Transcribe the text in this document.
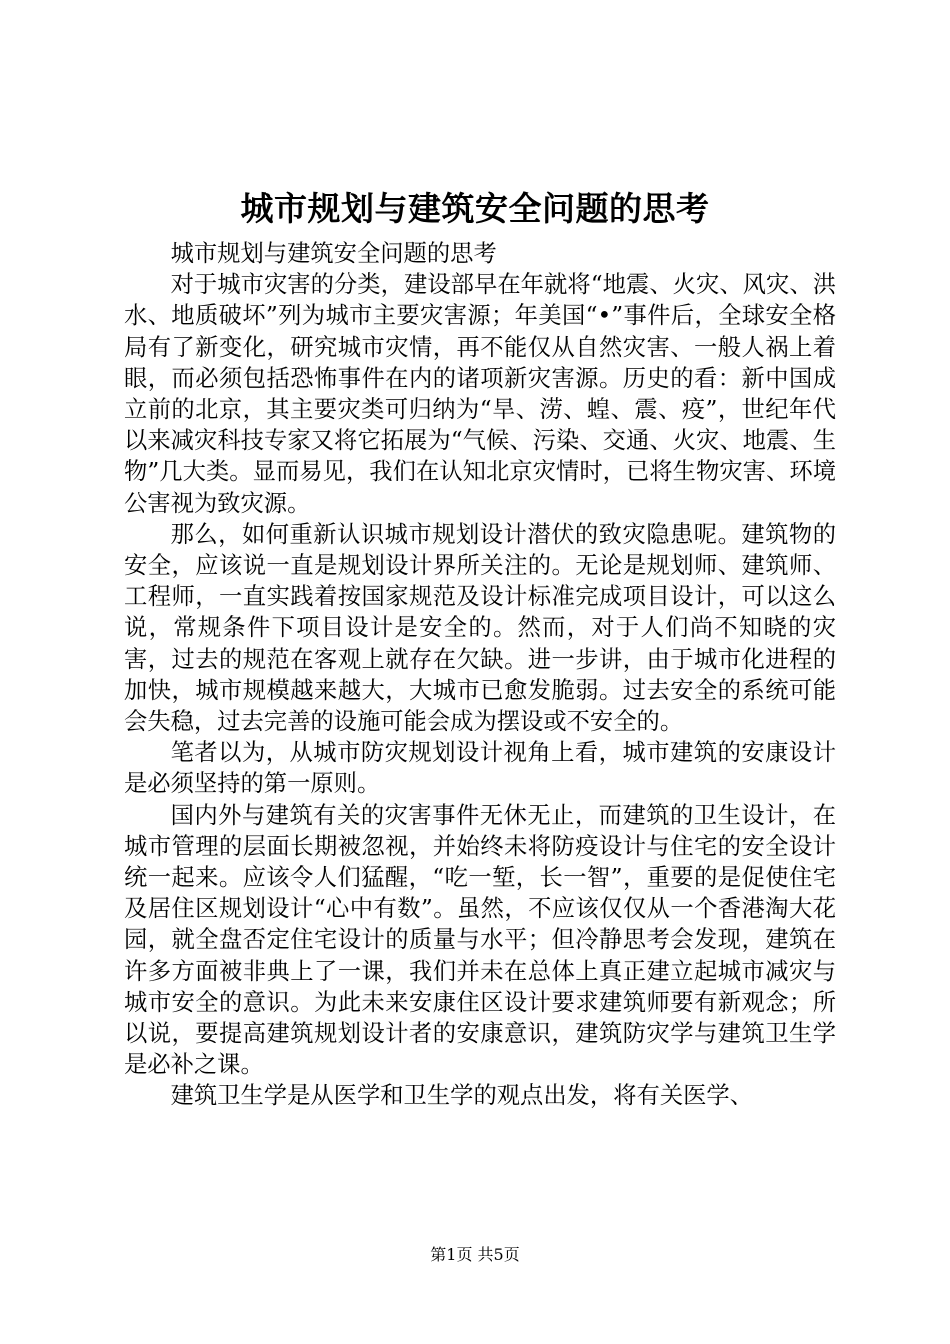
城市规划与建筑安全问题的思考

城市规划与建筑安全问题的思考

对于城市灾害的分类，建设部早在年就将“地震、火灾、风灾、洪水、地质破坏”列为城市主要灾害源；年美国“•”事件后，全球安全格局有了新变化，研究城市灾情，再不能仅从自然灾害、一般人祸上着眼，而必须包括恐怖事件在内的诸项新灾害源。历史的看：新中国成立前的北京，其主要灾类可归纳为“旱、涝、蝗、震、疫”，世纪年代以来减灾科技专家又将它拓展为“气候、污染、交通、火灾、地震、生物”几大类。显而易见，我们在认知北京灾情时，已将生物灾害、环境公害视为致灾源。

那么，如何重新认识城市规划设计潜伏的致灾隐患呢。建筑物的安全，应该说一直是规划设计界所关注的。无论是规划师、建筑师、工程师，一直实践着按国家规范及设计标准完成项目设计，可以这么说，常规条件下项目设计是安全的。然而，对于人们尚不知晓的灾害，过去的规范在客观上就存在欠缺。进一步讲，由于城市化进程的加快，城市规模越来越大，大城市已愈发脆弱。过去安全的系统可能会失稳，过去完善的设施可能会成为摆设或不安全的。

笔者以为，从城市防灾规划设计视角上看，城市建筑的安康设计是必须坚持的第一原则。

国内外与建筑有关的灾害事件无休无止，而建筑的卫生设计，在城市管理的层面长期被忽视，并始终未将防疫设计与住宅的安全设计统一起来。应该令人们猛醒，“吃一堑，长一智”，重要的是促使住宅及居住区规划设计“心中有数”。虽然，不应该仅仅从一个香港淘大花园，就全盘否定住宅设计的质量与水平；但冷静思考会发现，建筑在许多方面被非典上了一课，我们并未在总体上真正建立起城市减灾与城市安全的意识。为此未来安康住区设计要求建筑师要有新观念；所以说，要提高建筑规划设计者的安康意识，建筑防灾学与建筑卫生学是必补之课。

建筑卫生学是从医学和卫生学的观点出发，将有关医学、

第1页 共5页
